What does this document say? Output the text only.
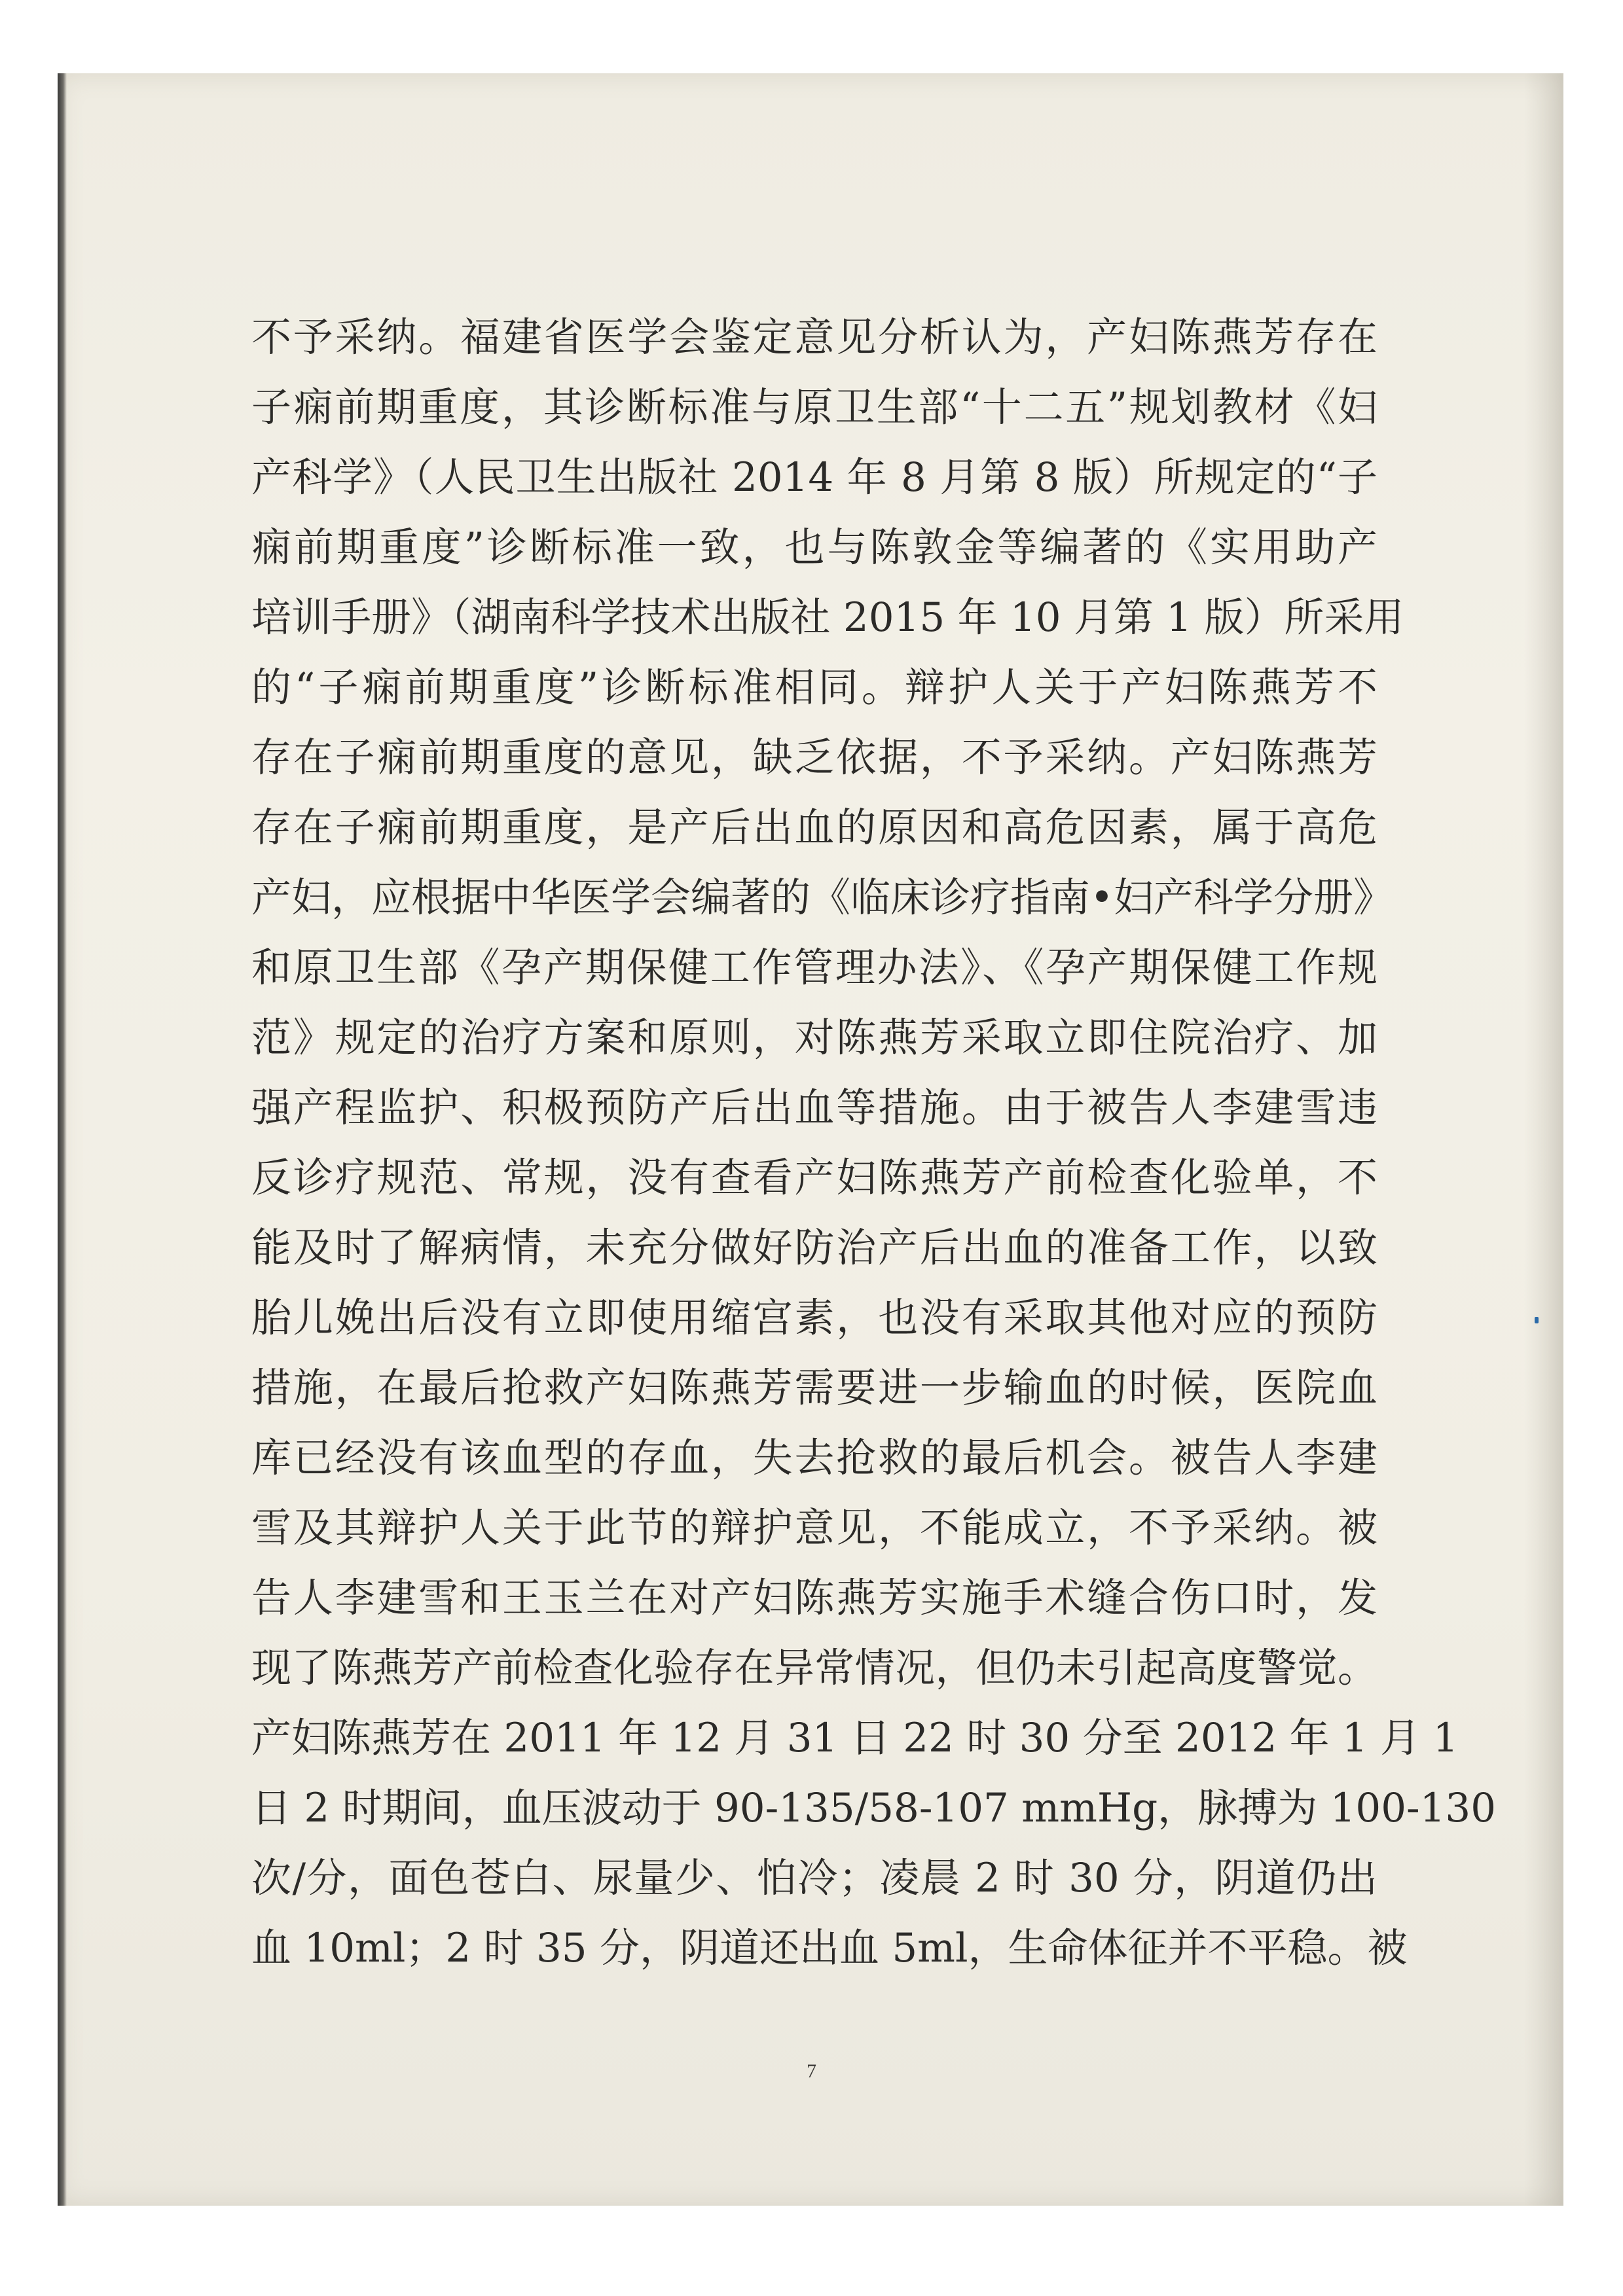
不予采纳。福建省医学会鉴定意见分析认为，产妇陈燕芳存在
子痫前期重度，其诊断标准与原卫生部“十二五”规划教材《妇
产科学》（人民卫生出版社 2014 年 8 月第 8 版）所规定的“子
痫前期重度”诊断标准一致，也与陈敦金等编著的《实用助产
培训手册》（湖南科学技术出版社 2015 年 10 月第 1 版）所采用
的“子痫前期重度”诊断标准相同。辩护人关于产妇陈燕芳不
存在子痫前期重度的意见，缺乏依据，不予采纳。产妇陈燕芳
存在子痫前期重度，是产后出血的原因和高危因素，属于高危
产妇，应根据中华医学会编著的《临床诊疗指南•妇产科学分册》
和原卫生部《孕产期保健工作管理办法》、《孕产期保健工作规
范》规定的治疗方案和原则，对陈燕芳采取立即住院治疗、加
强产程监护、积极预防产后出血等措施。由于被告人李建雪违
反诊疗规范、常规，没有查看产妇陈燕芳产前检查化验单，不
能及时了解病情，未充分做好防治产后出血的准备工作，以致
胎儿娩出后没有立即使用缩宫素，也没有采取其他对应的预防
措施，在最后抢救产妇陈燕芳需要进一步输血的时候，医院血
库已经没有该血型的存血，失去抢救的最后机会。被告人李建
雪及其辩护人关于此节的辩护意见，不能成立，不予采纳。被
告人李建雪和王玉兰在对产妇陈燕芳实施手术缝合伤口时，发
现了陈燕芳产前检查化验存在异常情况，但仍未引起高度警觉。
产妇陈燕芳在 2011 年 12 月 31 日 22 时 30 分至 2012 年 1 月 1
日 2 时期间，血压波动于 90-135/58-107 mmHg，脉搏为 100-130
次/分，面色苍白、尿量少、怕冷；凌晨 2 时 30 分，阴道仍出
血 10ml；2 时 35 分，阴道还出血 5ml，生命体征并不平稳。被
7
